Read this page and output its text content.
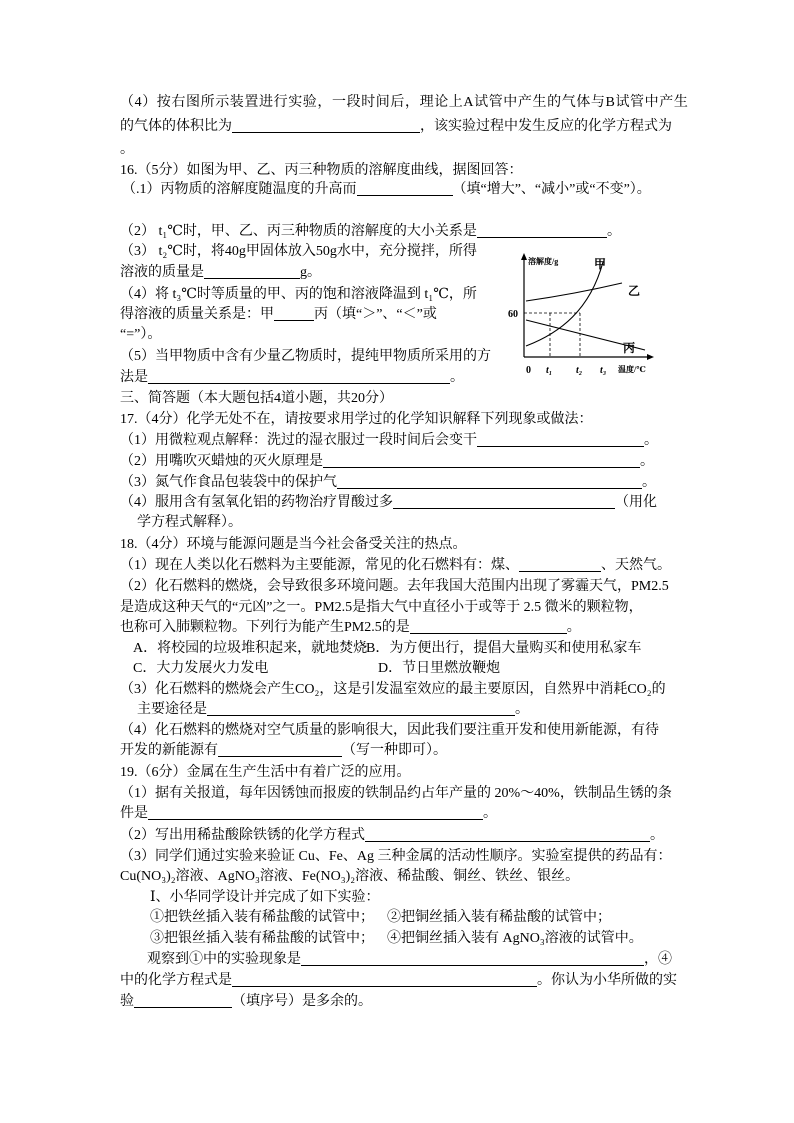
（4）按右图所示装置进行实验，一段时间后，理论上A试管中产生的气体与B试管中产生
的气体的体积比为	，该实验过程中发生反应的化学方程式为
。
16.（5分）如图为甲、乙、丙三种物质的溶解度曲线，据图回答：
（.1）丙物质的溶解度随温度的升高而	（填“增大”、“减小”或“不变”）。
（2） t₁℃时，甲、乙、丙三种物质的溶解度的大小关系是	。
（3） t₂℃时，将40g甲固体放入50g水中，充分搅拌，所得
溶液的质量是	g。
（4）将 t₃℃时等质量的甲、丙的饱和溶液降温到 t₁℃，所
得溶液的质量关系是：甲	丙（填“＞”、“＜”或
“=”）。
（5）当甲物质中含有少量乙物质时，提纯甲物质所采用的方
法是	。
溶解度/g	甲
乙
丙
60
0 t₁ t₂ t₃ 温度/℃
三、简答题（本大题包括4道小题，共20分）
17.（4分）化学无处不在，请按要求用学过的化学知识解释下列现象或做法：
（1）用微粒观点解释：洗过的湿衣服过一段时间后会变干	。
（2）用嘴吹灭蜡烛的灭火原理是	。
（3）氮气作食品包装袋中的保护气	。
（4）服用含有氢氧化铝的药物治疗胃酸过多	（用化
学方程式解释）。
18.（4分）环境与能源问题是当今社会备受关注的热点。
（1）现在人类以化石燃料为主要能源，常见的化石燃料有：煤、	、天然气。
（2）化石燃料的燃烧，会导致很多环境问题。去年我国大范围内出现了雾霾天气，PM2.5
是造成这种天气的“元凶”之一。PM2.5是指大气中直径小于或等于 2.5 微米的颗粒物，
也称可入肺颗粒物。下列行为能产生PM2.5的是	。
A．将校园的垃圾堆积起来，就地焚烧
B．为方便出行，提倡大量购买和使用私家车
C．大力发展火力发电	D．节日里燃放鞭炮
（3）化石燃料的燃烧会产生CO₂，这是引发温室效应的最主要原因，自然界中消耗CO₂的
主要途径是	。
（4）化石燃料的燃烧对空气质量的影响很大，因此我们要注重开发和使用新能源，有待
开发的新能源有	（写一种即可）。
19.（6分）金属在生产生活中有着广泛的应用。
（1）据有关报道，每年因锈蚀而报废的铁制品约占年产量的 20%～40%，铁制品生锈的条
件是	。
（2）写出用稀盐酸除铁锈的化学方程式	。
（3）同学们通过实验来验证 Cu、Fe、Ag 三种金属的活动性顺序。实验室提供的药品有：
Cu(NO₃)₂溶液、AgNO₃溶液、Fe(NO₃)₂溶液、稀盐酸、铜丝、铁丝、银丝。
Ⅰ、小华同学设计并完成了如下实验：
①把铁丝插入装有稀盐酸的试管中； ②把铜丝插入装有稀盐酸的试管中；
③把银丝插入装有稀盐酸的试管中； ④把铜丝插入装有 AgNO₃溶液的试管中。
观察到①中的实验现象是	，④
中的化学方程式是	。你认为小华所做的实
验	（填序号）是多余的。
